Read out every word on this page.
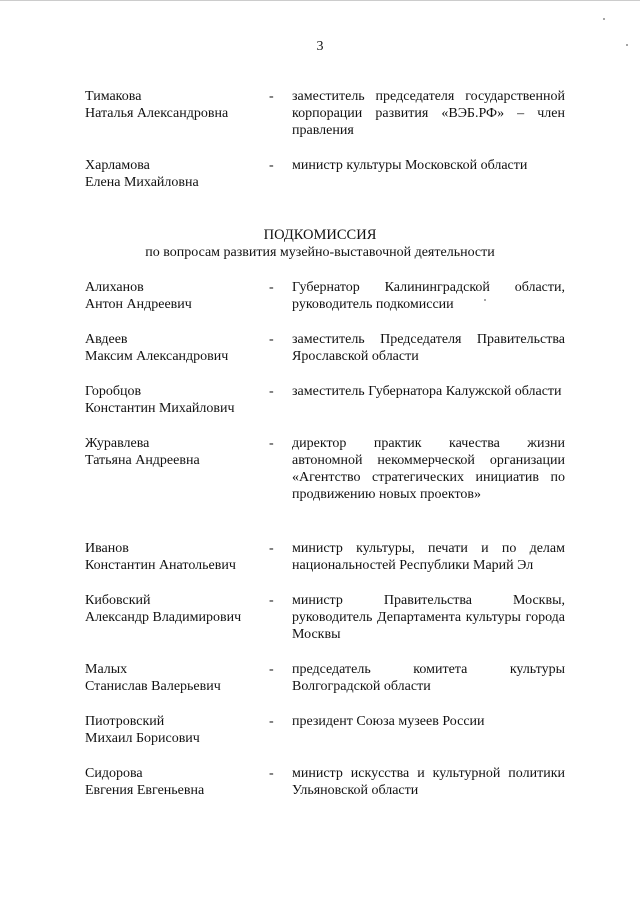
3
Тимакова
Наталья Александровна
- заместитель председателя государственной корпорации развития «ВЭБ.РФ» – член правления
Харламова
Елена Михайловна
- министр культуры Московской области
ПОДКОМИССИЯ
по вопросам развития музейно-выставочной деятельности
Алиханов
Антон Андреевич
- Губернатор Калининградской области, руководитель подкомиссии
Авдеев
Максим Александрович
- заместитель Председателя Правительства Ярославской области
Горобцов
Константин Михайлович
- заместитель Губернатора Калужской области
Журавлева
Татьяна Андреевна
- директор практик качества жизни автономной некоммерческой организации «Агентство стратегических инициатив по продвижению новых проектов»
Иванов
Константин Анатольевич
- министр культуры, печати и по делам национальностей Республики Марий Эл
Кибовский
Александр Владимирович
- министр Правительства Москвы, руководитель Департамента культуры города Москвы
Малых
Станислав Валерьевич
- председатель комитета культуры Волгоградской области
Пиотровский
Михаил Борисович
- президент Союза музеев России
Сидорова
Евгения Евгеньевна
- министр искусства и культурной политики Ульяновской области
